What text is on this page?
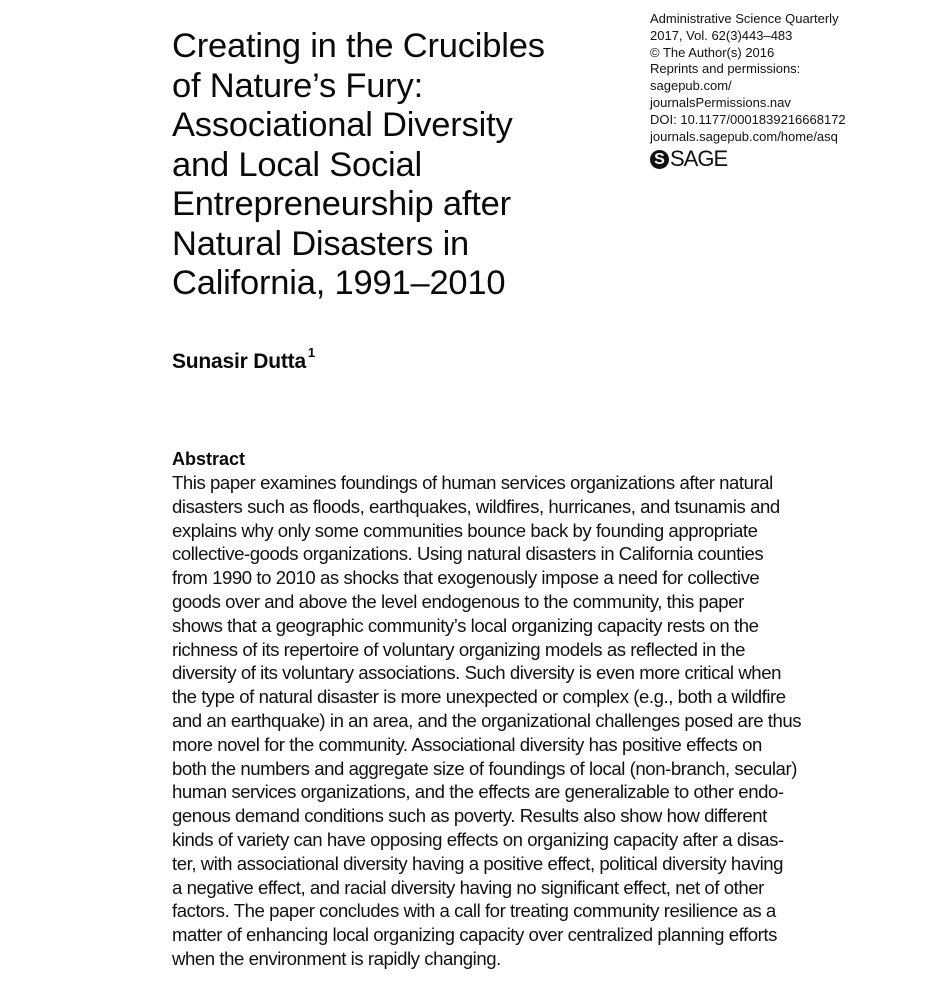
Creating in the Crucibles
of Nature’s Fury:
Associational Diversity
and Local Social
Entrepreneurship after
Natural Disasters in
California, 1991–2010
Administrative Science Quarterly
2017, Vol. 62(3)443–483
© The Author(s) 2016
Reprints and permissions:
sagepub.com/
journalsPermissions.nav
DOI: 10.1177/0001839216668172
journals.sagepub.com/home/asq
S SAGE
Sunasir Dutta $^1$
Abstract
This paper examines foundings of human services organizations after natural
disasters such as floods, earthquakes, wildfires, hurricanes, and tsunamis and
explains why only some communities bounce back by founding appropriate
collective-goods organizations. Using natural disasters in California counties
from 1990 to 2010 as shocks that exogenously impose a need for collective
goods over and above the level endogenous to the community, this paper
shows that a geographic community’s local organizing capacity rests on the
richness of its repertoire of voluntary organizing models as reflected in the
diversity of its voluntary associations. Such diversity is even more critical when
the type of natural disaster is more unexpected or complex (e.g., both a wildfire
and an earthquake) in an area, and the organizational challenges posed are thus
more novel for the community. Associational diversity has positive effects on
both the numbers and aggregate size of foundings of local (non-branch, secular)
human services organizations, and the effects are generalizable to other endo-
genous demand conditions such as poverty. Results also show how different
kinds of variety can have opposing effects on organizing capacity after a disas-
ter, with associational diversity having a positive effect, political diversity having
a negative effect, and racial diversity having no significant effect, net of other
factors. The paper concludes with a call for treating community resilience as a
matter of enhancing local organizing capacity over centralized planning efforts
when the environment is rapidly changing.
